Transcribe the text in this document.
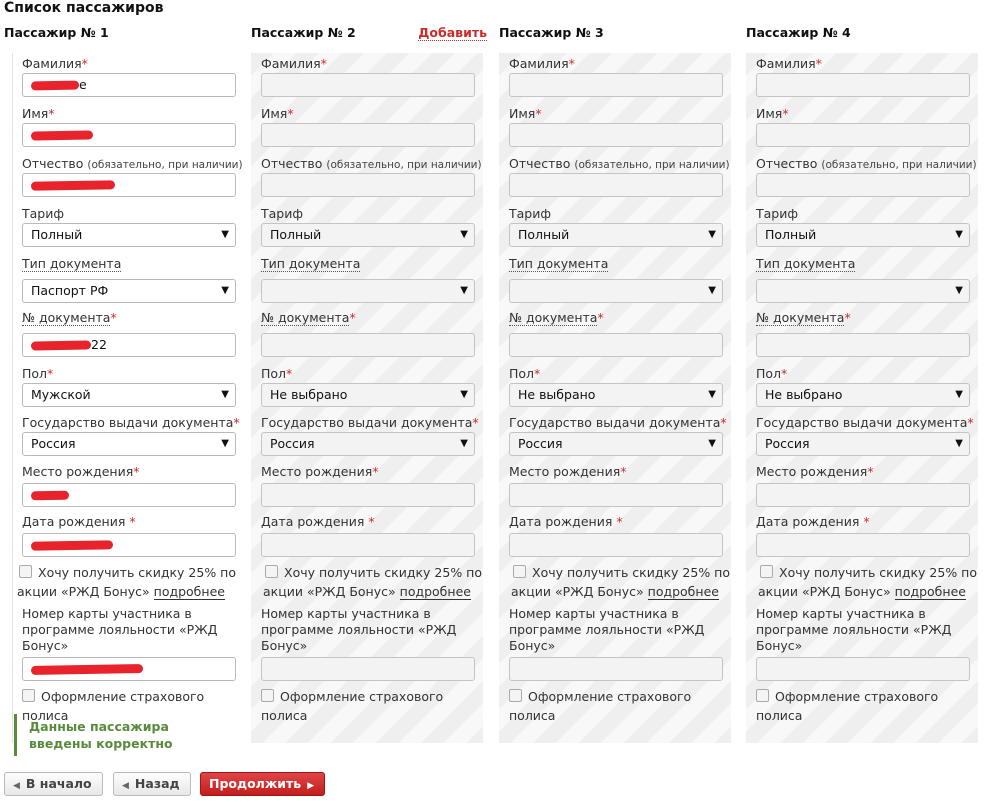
Список пассажиров
Пассажир № 1
Фамилия*
е
Имя*
Отчество (обязательно, при наличии)
Тариф
Полный	▼
Тип документа
Паспорт РФ	▼
№ документа*
22
Пол*
Мужской	▼
Государство выдачи документа*
Россия	▼
Место рождения*
Дата рождения *
Хочу получить скидку 25% по акции «РЖД Бонус» подробнее
Номер карты участника в программе лояльности «РЖД Бонус»
Оформление страхового полиса
Пассажир № 2	Добавить
Фамилия*
Имя*
Отчество (обязательно, при наличии)
Тариф
Полный	▼
Тип документа
▼
№ документа*
Пол*
Не выбрано	▼
Государство выдачи документа*
Россия	▼
Место рождения*
Дата рождения *
Хочу получить скидку 25% по акции «РЖД Бонус» подробнее
Номер карты участника в программе лояльности «РЖД Бонус»
Оформление страхового полиса
Пассажир № 3
Фамилия*
Имя*
Отчество (обязательно, при наличии)
Тариф
Полный	▼
Тип документа
▼
№ документа*
Пол*
Не выбрано	▼
Государство выдачи документа*
Россия	▼
Место рождения*
Дата рождения *
Хочу получить скидку 25% по акции «РЖД Бонус» подробнее
Номер карты участника в программе лояльности «РЖД Бонус»
Оформление страхового полиса
Пассажир № 4
Фамилия*
Имя*
Отчество (обязательно, при наличии)
Тариф
Полный	▼
Тип документа
▼
№ документа*
Пол*
Не выбрано	▼
Государство выдачи документа*
Россия	▼
Место рождения*
Дата рождения *
Хочу получить скидку 25% по акции «РЖД Бонус» подробнее
Номер карты участника в программе лояльности «РЖД Бонус»
Оформление страхового полиса
Данные пассажира введены корректно
◀ В начало	◀ Назад	Продолжить ▶
